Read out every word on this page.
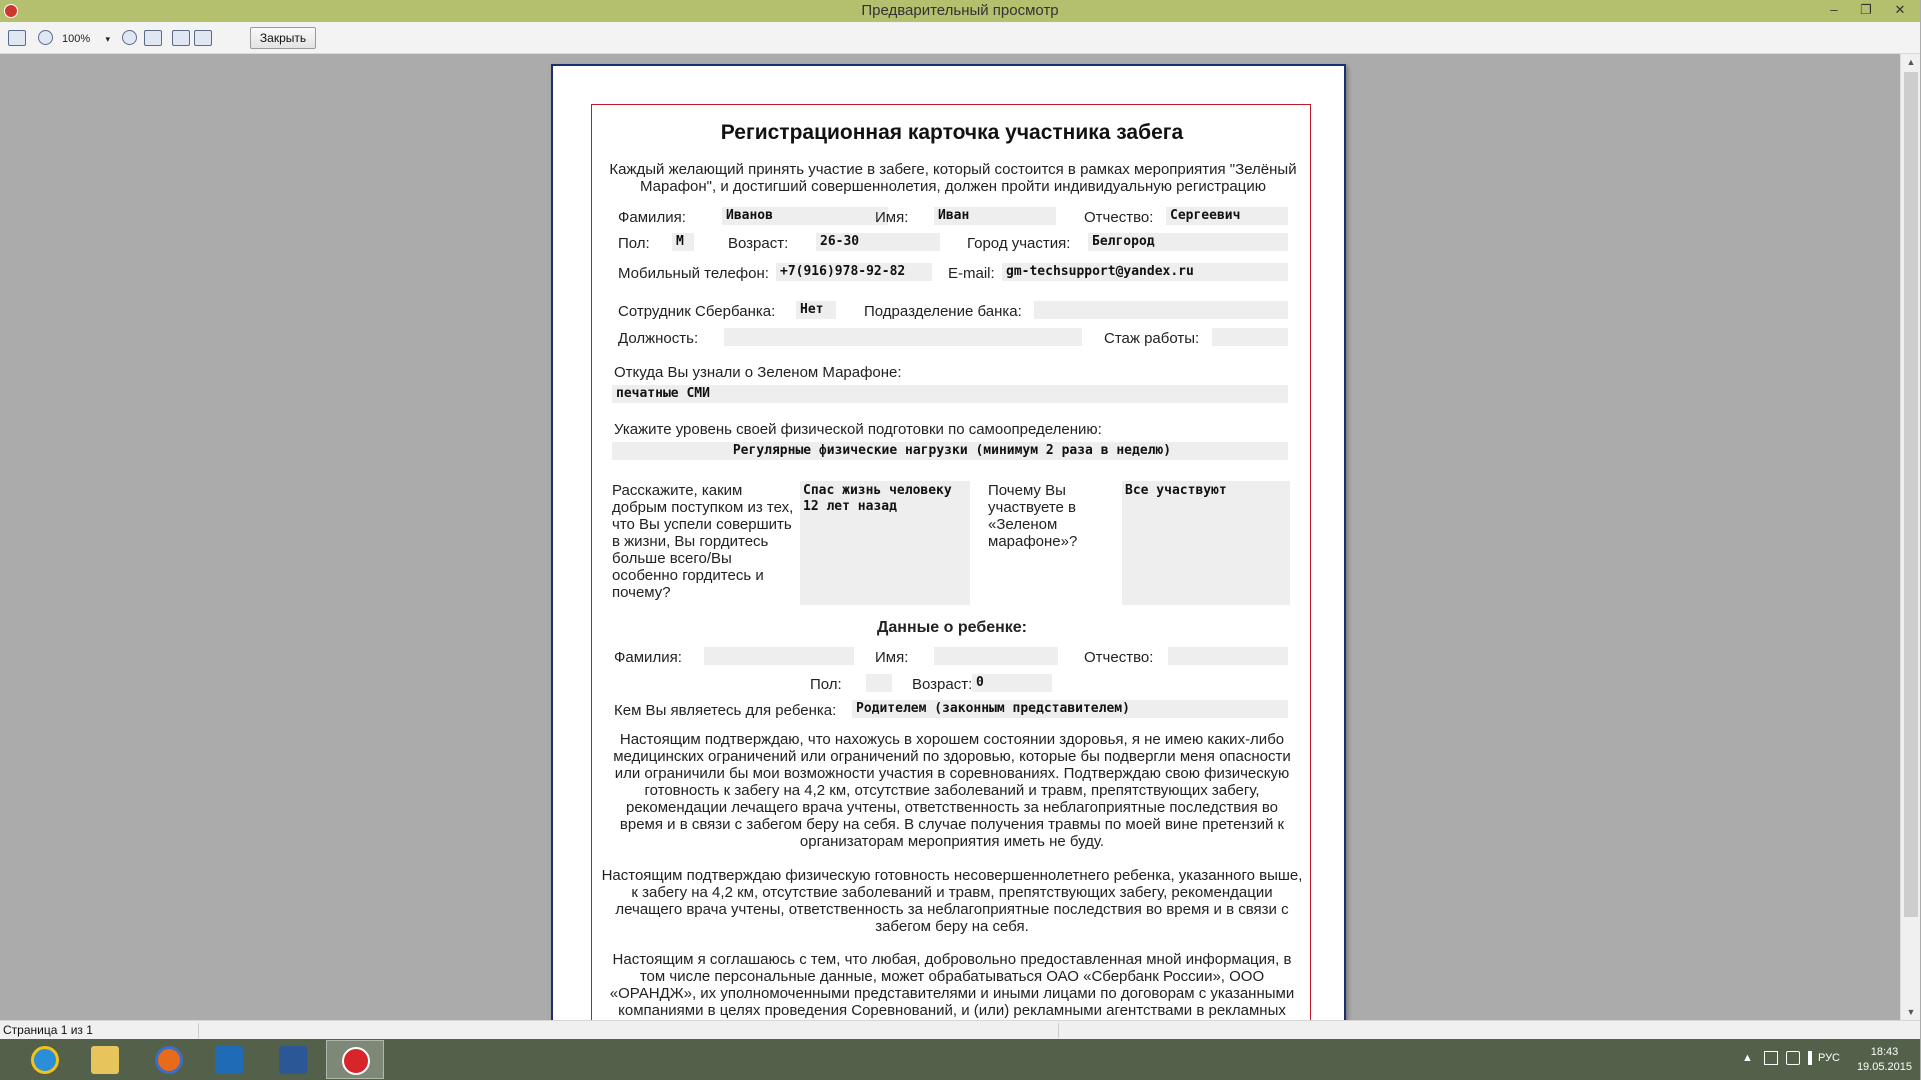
Предварительный просмотр	–	❐	✕
100% ▾	Закрыть
Регистрационная карточка участника забега
Каждый желающий принять участие в забеге, который состоится в рамках мероприятия "Зелёный Марафон", и достигший совершеннолетия, должен пройти индивидуальную регистрацию
Фамилия:	Иванов	Имя:	Иван	Отчество:	Сергеевич
Пол:	М	Возраст:	26-30	Город участия:	Белгород
Мобильный телефон: +7(916)978-92-82	E-mail: gm-techsupport@yandex.ru
Сотрудник Сбербанка:	Нет	Подразделение банка:
Должность:	Стаж работы:
Откуда Вы узнали о Зеленом Марафоне:
печатные СМИ
Укажите уровень своей физической подготовки по самоопределению:
Регулярные физические нагрузки (минимум 2 раза в неделю)
Расскажите, каким добрым поступком из тех, что Вы успели совершить в жизни, Вы гордитесь больше всего/Вы особенно гордитесь и почему?
Спас жизнь человеку 12 лет назад
Почему Вы участвуете в «Зеленом марафоне»?
Все участвуют
Данные о ребенке:
Фамилия:	Имя:	Отчество:
Пол:	Возраст: 0
Кем Вы являетесь для ребенка:	Родителем (законным представителем)
Настоящим подтверждаю, что нахожусь в хорошем состоянии здоровья, я не имею каких-либо медицинских ограничений или ограничений по здоровью, которые бы подвергли меня опасности или ограничили бы мои возможности участия в соревнованиях. Подтверждаю свою физическую готовность к забегу на 4,2 км, отсутствие заболеваний и травм, препятствующих забегу, рекомендации лечащего врача учтены, ответственность за неблагоприятные последствия во время и в связи с забегом беру на себя. В случае получения травмы по моей вине претензий к организаторам мероприятия иметь не буду.
Настоящим подтверждаю физическую готовность несовершеннолетнего ребенка, указанного выше, к забегу на 4,2 км, отсутствие заболеваний и травм, препятствующих забегу, рекомендации лечащего врача учтены, ответственность за неблагоприятные последствия во время и в связи с забегом беру на себя.
Настоящим я соглашаюсь с тем, что любая, добровольно предоставленная мной информация, в том числе персональные данные, может обрабатываться ОАО «Сбербанк России», ООО «ОРАНДЖ», их уполномоченными представителями и иными лицами по договорам с указанными компаниями в целях проведения Соревнований, и (или) рекламными агентствами в рекламных
▲
▼
Страница 1 из 1
▲	РУС	18:43
19.05.2015
